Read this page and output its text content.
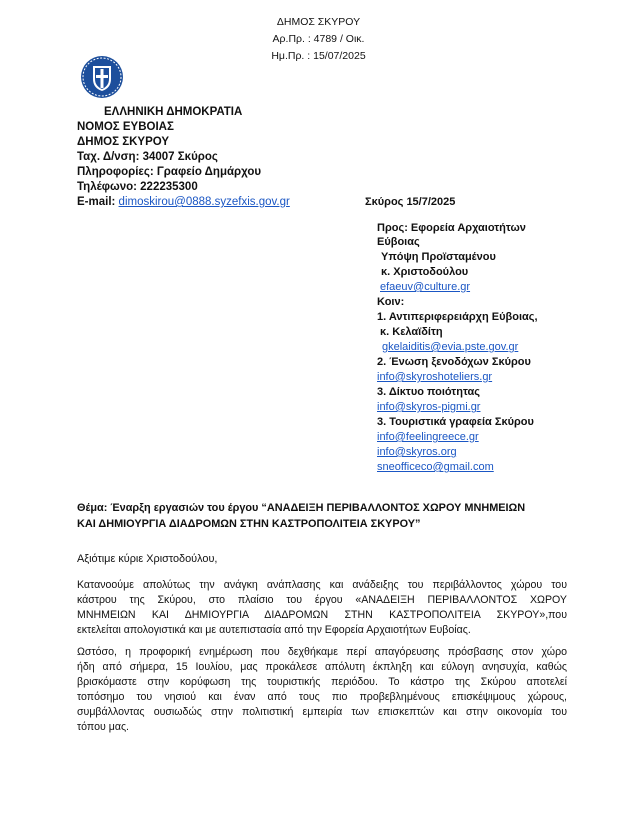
ΔΗΜΟΣ ΣΚΥΡΟΥ
Αρ.Πρ. : 4789 / Οικ.
Ημ.Πρ. : 15/07/2025
ΕΛΛΗΝΙΚΗ ΔΗΜΟΚΡΑΤΙΑ
ΝΟΜΟΣ ΕΥΒΟΙΑΣ
ΔΗΜΟΣ ΣΚΥΡΟΥ
Ταχ. Δ/νση: 34007 Σκύρος
Πληροφορίες: Γραφείο Δημάρχου
Τηλέφωνο: 222235300
E-mail: dimoskirou@0888.syzefxis.gov.gr	Σκύρος 15/7/2025
Προς: Εφορεία Αρχαιοτήτων
Εύβοιας
Υπόψη Προϊσταμένου
κ. Χριστοδούλου
efaeuv@culture.gr
Κοιν:
1. Αντιπεριφερειάρχη Εύβοιας,
κ. Κελαϊδίτη
gkelaiditis@evia.pste.gov.gr
2. Ένωση ξενοδόχων Σκύρου
info@skyroshoteliers.gr
3. Δίκτυο ποιότητας
info@skyros-pigmi.gr
3. Τουριστικά γραφεία Σκύρου
info@feelingreece.gr
info@skyros.org
sneofficeco@gmail.com
Θέμα: Έναρξη εργασιών του έργου “ΑΝΑΔΕΙΞΗ ΠΕΡΙΒΑΛΛΟΝΤΟΣ ΧΩΡΟΥ ΜΝΗΜΕΙΩΝ
ΚΑΙ ΔΗΜΙΟΥΡΓΙΑ ΔΙΑΔΡΟΜΩΝ ΣΤΗΝ ΚΑΣΤΡΟΠΟΛΙΤΕΙΑ ΣΚΥΡΟΥ”
Αξιότιμε κύριε Χριστοδούλου,
Κατανοούμε απολύτως την ανάγκη ανάπλασης και ανάδειξης του περιβάλλοντος χώρου του
κάστρου της Σκύρου, στο πλαίσιο του έργου «ΑΝΑΔΕΙΞΗ ΠΕΡΙΒΑΛΛΟΝΤΟΣ ΧΩΡΟΥ
ΜΝΗΜΕΙΩΝ ΚΑΙ ΔΗΜΙΟΥΡΓΙΑ ΔΙΑΔΡΟΜΩΝ ΣΤΗΝ ΚΑΣΤΡΟΠΟΛΙΤΕΙΑ ΣΚΥΡΟΥ»,που
εκτελείται απολογιστικά και με αυτεπιστασία από την Εφορεία Αρχαιοτήτων Ευβοίας.
Ωστόσο, η προφορική ενημέρωση που δεχθήκαμε περί απαγόρευσης πρόσβασης στον χώρο
ήδη από σήμερα, 15 Ιουλίου, μας προκάλεσε απόλυτη έκπληξη και εύλογη ανησυχία, καθώς
βρισκόμαστε στην κορύφωση της τουριστικής περιόδου. Το κάστρο της Σκύρου αποτελεί
τοπόσημο του νησιού και έναν από τους πιο προβεβλημένους επισκέψιμους χώρους,
συμβάλλοντας ουσιωδώς στην πολιτιστική εμπειρία των επισκεπτών και στην οικονομία του
τόπου μας.
